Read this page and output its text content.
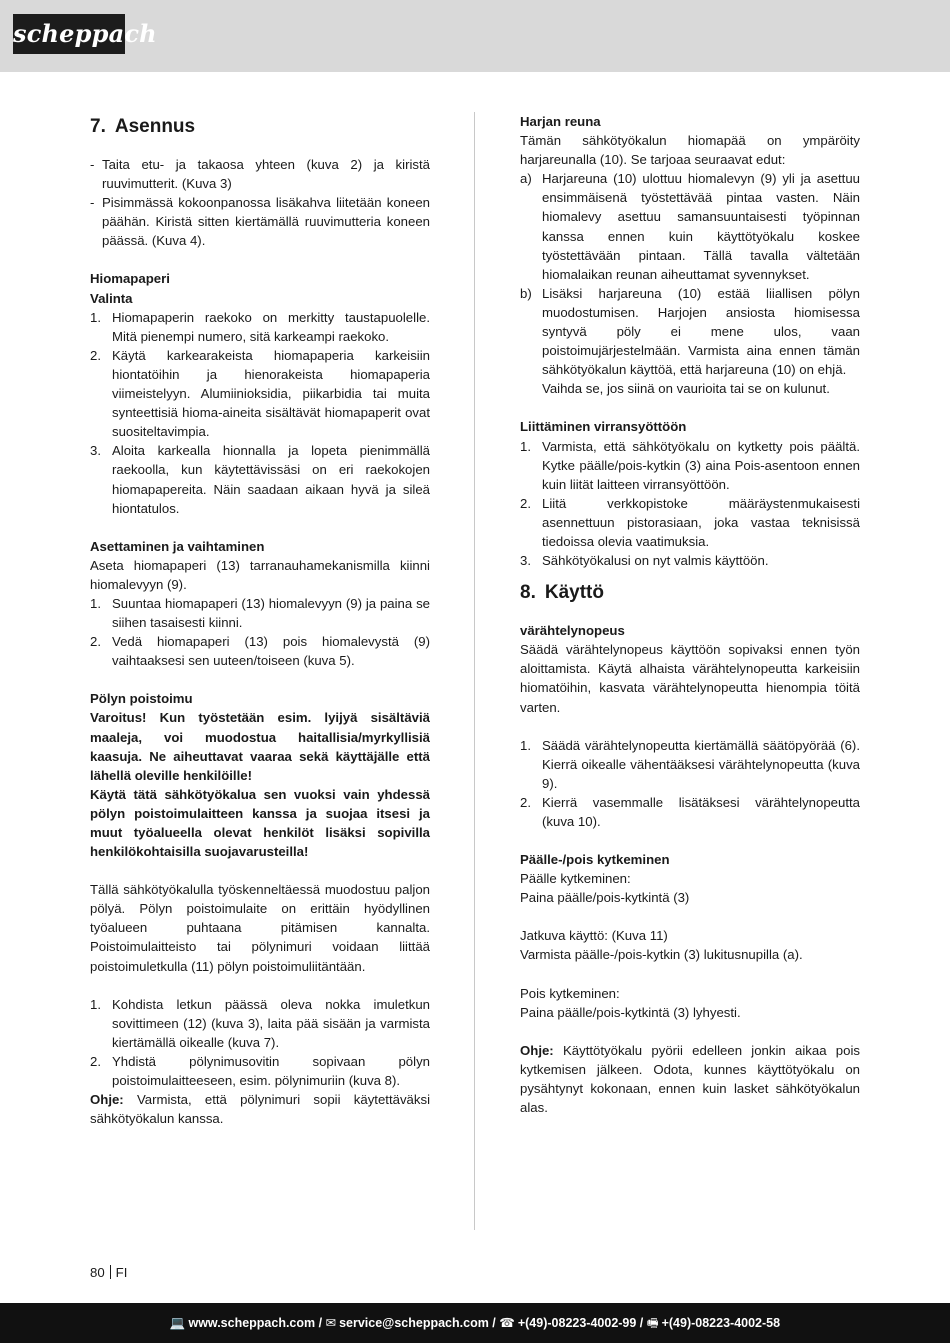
scheppach
7. Asennus
- Taita etu- ja takaosa yhteen (kuva 2) ja kiristä ruuvimutterit. (Kuva 3)
- Pisimmässä kokoonpanossa lisäkahva liitetään koneen päähän. Kiristä sitten kiertämällä ruuvimutteria koneen päässä. (Kuva 4).
Hiomapaperi
Valinta
1. Hiomapaperin raekoko on merkitty taustapuolelle. Mitä pienempi numero, sitä karkeampi raekoko.
2. Käytä karkearakeista hiomapaperia karkeisiin hiontatöihin ja hienorakeista hiomapaperia viimeistelyyn. Alumiinioksidia, piikarbidia tai muita synteettisiä hioma-aineita sisältävät hiomapaperit ovat suositeltavimpia.
3. Aloita karkealla hionnalla ja lopeta pienimmällä raekoolla, kun käytettävissäsi on eri raekokojen hiomapapereita. Näin saadaan aikaan hyvä ja sileä hiontatulos.
Asettaminen ja vaihtaminen

Aseta hiomapaperi (13) tarranauhamekanismilla kiinni hiomalevyyn (9).

1. Suuntaa hiomapaperi (13) hiomalevyyn (9) ja paina se siihen tasaisesti kiinni.
2. Vedä hiomapaperi (13) pois hiomalevystä (9) vaihtaaksesi sen uuteen/toiseen (kuva 5).
Pölyn poistoimu

Varoitus! Kun työstetään esim. lyijyä sisältäviä maaleja, voi muodostua haitallisia/myrkyllisiä kaasuja. Ne aiheuttavat vaaraa sekä käyttäjälle että lähellä oleville henkilöille!

Käytä tätä sähkötyökalua sen vuoksi vain yhdessä pölyn poistoimulaitteen kanssa ja suojaa itsesi ja muut työalueella olevat henkilöt lisäksi sopivilla henkilökohtaisilla suojavarusteilla!

Tällä sähkötyökalulla työskenneltäessä muodostuu paljon pölyä. Pölyn poistoimulaite on erittäin hyödyllinen työalueen puhtaana pitämisen kannalta. Poistoimulaitteisto tai pölynimuri voidaan liittää poistoimuletkulla (11) pölyn poistoimuliitäntään.

1. Kohdista letkun päässä oleva nokka imuletkun sovittimeen (12) (kuva 3), laita pää sisään ja varmista kiertämällä oikealle (kuva 7).
2. Yhdistä pölynimusovitin sopivaan pölyn poistoimulaitteeseen, esim. pölynimuriin (kuva 8).

Ohje: Varmista, että pölynimuri sopii käytettäväksi sähkötyökalun kanssa.

Harjan reuna

Tämän sähkötyökalun hiomapää on ympäröity harjareunalla (10). Se tarjoaa seuraavat edut:

a) Harjareuna (10) ulottuu hiomalevyn (9) yli ja asettuu ensimmäisenä työstettävää pintaa vasten. Näin hiomalevy asettuu samansuuntaisesti työpinnan kanssa ennen kuin käyttötyökalu koskee työstettävään pintaan. Tällä tavalla vältetään hiomalaikan reunan aiheuttamat syvennykset.
b) Lisäksi harjareuna (10) estää liiallisen pölyn muodostumisen. Harjojen ansiosta hiomisessa syntyvä pöly ei mene ulos, vaan poistoimujärjestelmään. Varmista aina ennen tämän sähkötyökalun käyttöä, että harjareuna (10) on ehjä.
Vaihda se, jos siinä on vaurioita tai se on kulunut.
Liittäminen virransyöttöön
1. Varmista, että sähkötyökalu on kytketty pois päältä. Kytke päälle/pois-kytkin (3) aina Pois-asentoon ennen kuin liität laitteen virransyöttöön.
2. Liitä verkkopistoke määräystenmukaisesti asennettuun pistorasiaan, joka vastaa teknisissä tiedoissa olevia vaatimuksia.
3. Sähkötyökalusi on nyt valmis käyttöön.
8. Käyttö
värähtelynopeus

Säädä värähtelynopeus käyttöön sopivaksi ennen työn aloittamista. Käytä alhaista värähtelynopeutta karkeisiin hiomatöihin, kasvata värähtelynopeutta hienompia töitä varten.

1. Säädä värähtelynopeutta kiertämällä säätöpyörää (6). Kierrä oikealle vähentääksesi värähtelynopeutta (kuva 9).
2. Kierrä vasemmalle lisätäksesi värähtelynopeutta (kuva 10).
Päälle-/pois kytkeminen

Päälle kytkeminen:

Paina päälle/pois-kytkintä (3)

Jatkuva käyttö: (Kuva 11)

Varmista päälle-/pois-kytkin (3) lukitusnupilla (a).

Pois kytkeminen:

Paina päälle/pois-kytkintä (3) lyhyesti.

Ohje: Käyttötyökalu pyörii edelleen jonkin aikaa pois kytkemisen jälkeen. Odota, kunnes käyttötyökalu on pysähtynyt kokonaan, ennen kuin lasket sähkötyökalun alas.

80 FI
💻 www.scheppach.com / ✉ service@scheppach.com / ☎ +(49)-08223-4002-99 / 🖷 +(49)-08223-4002-58
